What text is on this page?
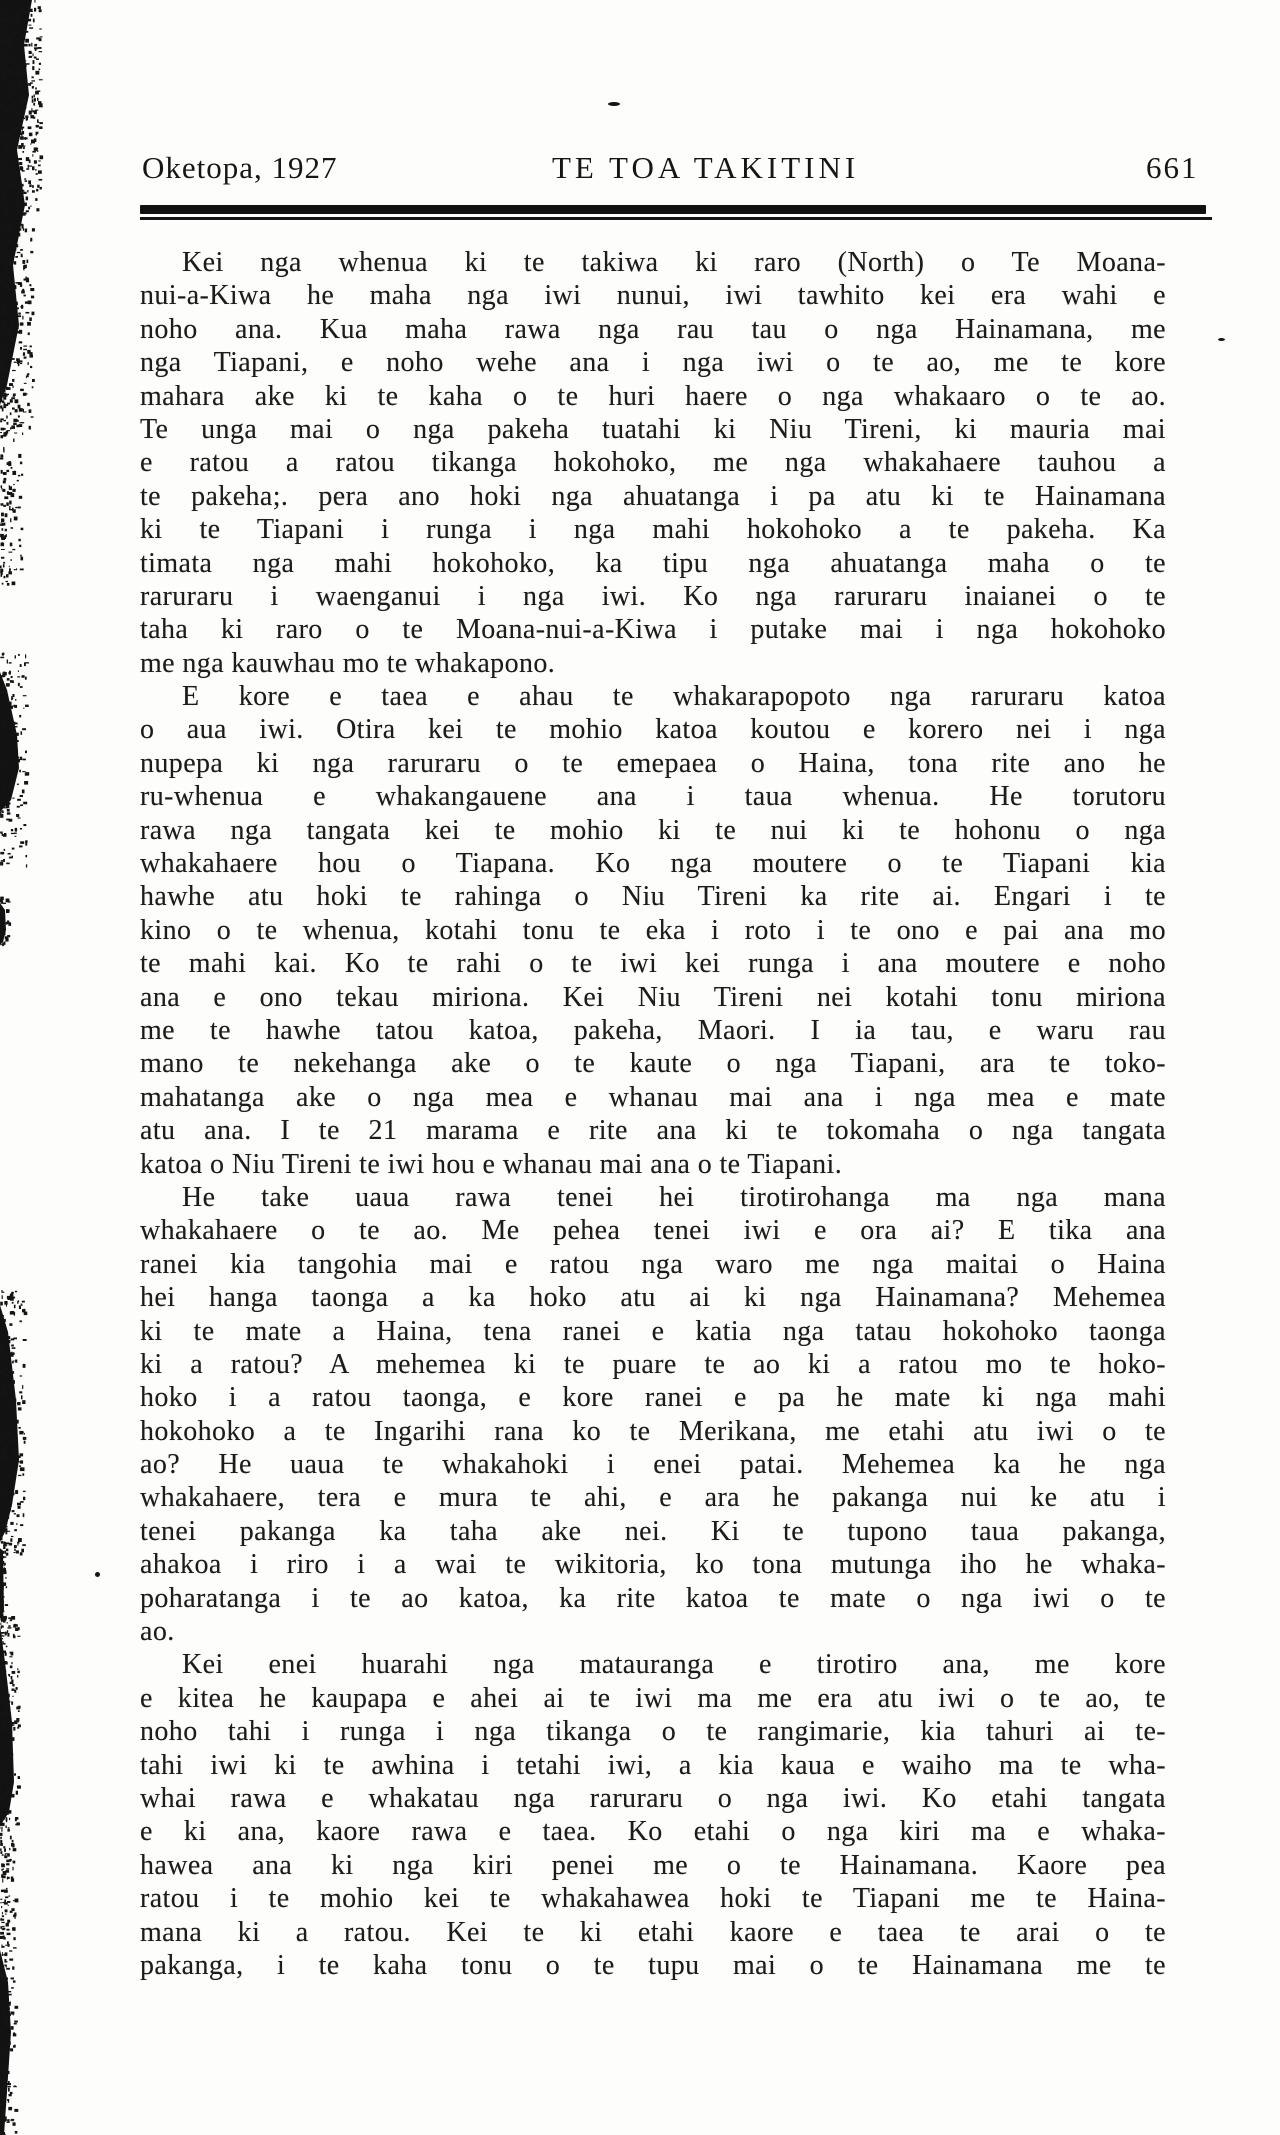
Oketopa, 1927	TE TOA TAKITINI	661
Kei nga whenua ki te takiwa ki raro (North) o Te Moana-
nui-a-Kiwa he maha nga iwi nunui, iwi tawhito kei era wahi e
noho ana. Kua maha rawa nga rau tau o nga Hainamana, me
nga Tiapani, e noho wehe ana i nga iwi o te ao, me te kore
mahara ake ki te kaha o te huri haere o nga whakaaro o te ao.
Te unga mai o nga pakeha tuatahi ki Niu Tireni, ki mauria mai
e ratou a ratou tikanga hokohoko, me nga whakahaere tauhou a
te pakeha;. pera ano hoki nga ahuatanga i pa atu ki te Hainamana
ki te Tiapani i runga i nga mahi hokohoko a te pakeha. Ka
timata nga mahi hokohoko, ka tipu nga ahuatanga maha o te
raruraru i waenganui i nga iwi. Ko nga raruraru inaianei o te
taha ki raro o te Moana-nui-a-Kiwa i putake mai i nga hokohoko
me nga kauwhau mo te whakapono.
E kore e taea e ahau te whakarapopoto nga raruraru katoa
o aua iwi. Otira kei te mohio katoa koutou e korero nei i nga
nupepa ki nga raruraru o te emepaea o Haina, tona rite ano he
ru-whenua e whakangauene ana i taua whenua. He torutoru
rawa nga tangata kei te mohio ki te nui ki te hohonu o nga
whakahaere hou o Tiapana. Ko nga moutere o te Tiapani kia
hawhe atu hoki te rahinga o Niu Tireni ka rite ai. Engari i te
kino o te whenua, kotahi tonu te eka i roto i te ono e pai ana mo
te mahi kai. Ko te rahi o te iwi kei runga i ana moutere e noho
ana e ono tekau miriona. Kei Niu Tireni nei kotahi tonu miriona
me te hawhe tatou katoa, pakeha, Maori. I ia tau, e waru rau
mano te nekehanga ake o te kaute o nga Tiapani, ara te toko-
mahatanga ake o nga mea e whanau mai ana i nga mea e mate
atu ana. I te 21 marama e rite ana ki te tokomaha o nga tangata
katoa o Niu Tireni te iwi hou e whanau mai ana o te Tiapani.
He take uaua rawa tenei hei tirotirohanga ma nga mana
whakahaere o te ao. Me pehea tenei iwi e ora ai? E tika ana
ranei kia tangohia mai e ratou nga waro me nga maitai o Haina
hei hanga taonga a ka hoko atu ai ki nga Hainamana? Mehemea
ki te mate a Haina, tena ranei e katia nga tatau hokohoko taonga
ki a ratou? A mehemea ki te puare te ao ki a ratou mo te hoko-
hoko i a ratou taonga, e kore ranei e pa he mate ki nga mahi
hokohoko a te Ingarihi rana ko te Merikana, me etahi atu iwi o te
ao? He uaua te whakahoki i enei patai. Mehemea ka he nga
whakahaere, tera e mura te ahi, e ara he pakanga nui ke atu i
tenei pakanga ka taha ake nei. Ki te tupono taua pakanga,
ahakoa i riro i a wai te wikitoria, ko tona mutunga iho he whaka-
poharatanga i te ao katoa, ka rite katoa te mate o nga iwi o te
ao.
Kei enei huarahi nga matauranga e tirotiro ana, me kore
e kitea he kaupapa e ahei ai te iwi ma me era atu iwi o te ao, te
noho tahi i runga i nga tikanga o te rangimarie, kia tahuri ai te-
tahi iwi ki te awhina i tetahi iwi, a kia kaua e waiho ma te wha-
whai rawa e whakatau nga raruraru o nga iwi. Ko etahi tangata
e ki ana, kaore rawa e taea. Ko etahi o nga kiri ma e whaka-
hawea ana ki nga kiri penei me o te Hainamana. Kaore pea
ratou i te mohio kei te whakahawea hoki te Tiapani me te Haina-
mana ki a ratou. Kei te ki etahi kaore e taea te arai o te
pakanga, i te kaha tonu o te tupu mai o te Hainamana me te
